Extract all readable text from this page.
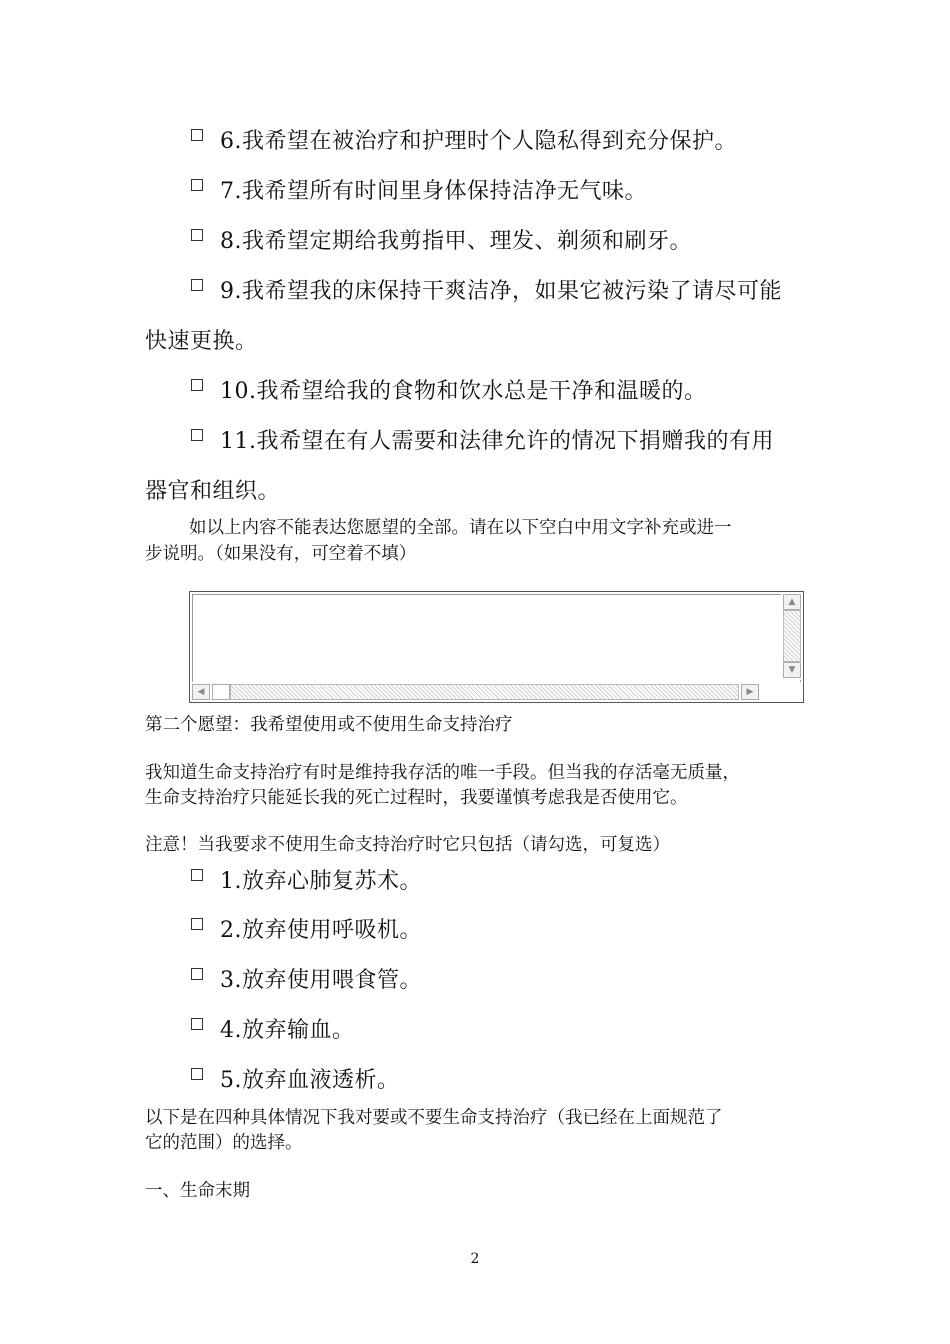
6.我希望在被治疗和护理时个人隐私得到充分保护。
7.我希望所有时间里身体保持洁净无气味。
8.我希望定期给我剪指甲、理发、剃须和刷牙。
9.我希望我的床保持干爽洁净，如果它被污染了请尽可能
快速更换。
10.我希望给我的食物和饮水总是干净和温暖的。
11.我希望在有人需要和法律允许的情况下捐赠我的有用
器官和组织。
如以上内容不能表达您愿望的全部。请在以下空白中用文字补充或进一
步说明。（如果没有，可空着不填）
▲
▼
◀	▶
第二个愿望：我希望使用或不使用生命支持治疗
我知道生命支持治疗有时是维持我存活的唯一手段。但当我的存活毫无质量，
生命支持治疗只能延长我的死亡过程时，我要谨慎考虑我是否使用它。
注意！当我要求不使用生命支持治疗时它只包括（请勾选，可复选）
1.放弃心肺复苏术。
2.放弃使用呼吸机。
3.放弃使用喂食管。
4.放弃输血。
5.放弃血液透析。
以下是在四种具体情况下我对要或不要生命支持治疗（我已经在上面规范了
它的范围）的选择。
一、生命末期
2
